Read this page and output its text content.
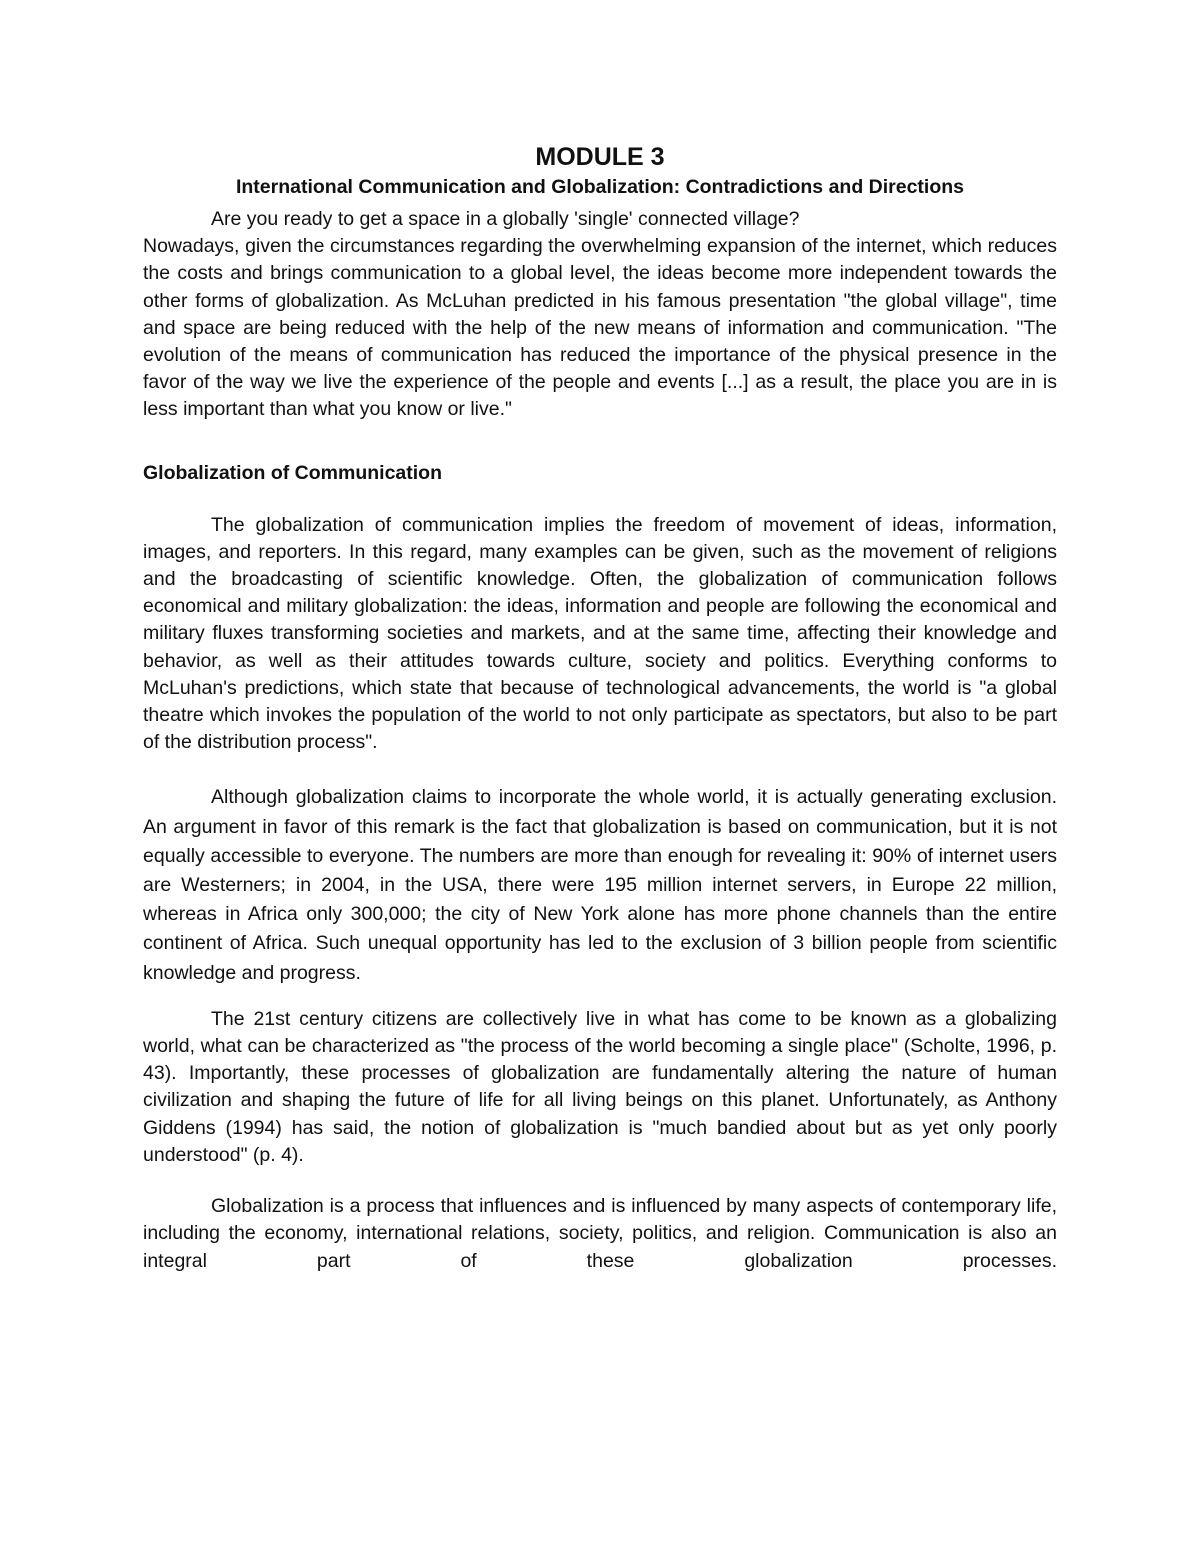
MODULE 3
International Communication and Globalization: Contradictions and Directions

Are you ready to get a space in a globally 'single' connected village?

Nowadays, given the circumstances regarding the overwhelming expansion of the internet, which reduces the costs and brings communication to a global level, the ideas become more independent towards the other forms of globalization. As McLuhan predicted in his famous presentation "the global village", time and space are being reduced with the help of the new means of information and communication. "The evolution of the means of communication has reduced the importance of the physical presence in the favor of the way we live the experience of the people and events [...] as a result, the place you are in is less important than what you know or live."

Globalization of Communication

The globalization of communication implies the freedom of movement of ideas, information, images, and reporters. In this regard, many examples can be given, such as the movement of religions and the broadcasting of scientific knowledge. Often, the globalization of communication follows economical and military globalization: the ideas, information and people are following the economical and military fluxes transforming societies and markets, and at the same time, affecting their knowledge and behavior, as well as their attitudes towards culture, society and politics. Everything conforms to McLuhan's predictions, which state that because of technological advancements, the world is "a global theatre which invokes the population of the world to not only participate as spectators, but also to be part of the distribution process".

Although globalization claims to incorporate the whole world, it is actually generating exclusion. An argument in favor of this remark is the fact that globalization is based on communication, but it is not equally accessible to everyone. The numbers are more than enough for revealing it: 90% of internet users are Westerners; in 2004, in the USA, there were 195 million internet servers, in Europe 22 million, whereas in Africa only 300,000; the city of New York alone has more phone channels than the entire continent of Africa. Such unequal opportunity has led to the exclusion of 3 billion people from scientific knowledge and progress.

The 21st century citizens are collectively live in what has come to be known as a globalizing world, what can be characterized as "the process of the world becoming a single place" (Scholte, 1996, p. 43). Importantly, these processes of globalization are fundamentally altering the nature of human civilization and shaping the future of life for all living beings on this planet. Unfortunately, as Anthony Giddens (1994) has said, the notion of globalization is "much bandied about but as yet only poorly understood" (p. 4).

Globalization is a process that influences and is influenced by many aspects of contemporary life, including the economy, international relations, society, politics, and religion. Communication is also an integral part of these globalization processes.
